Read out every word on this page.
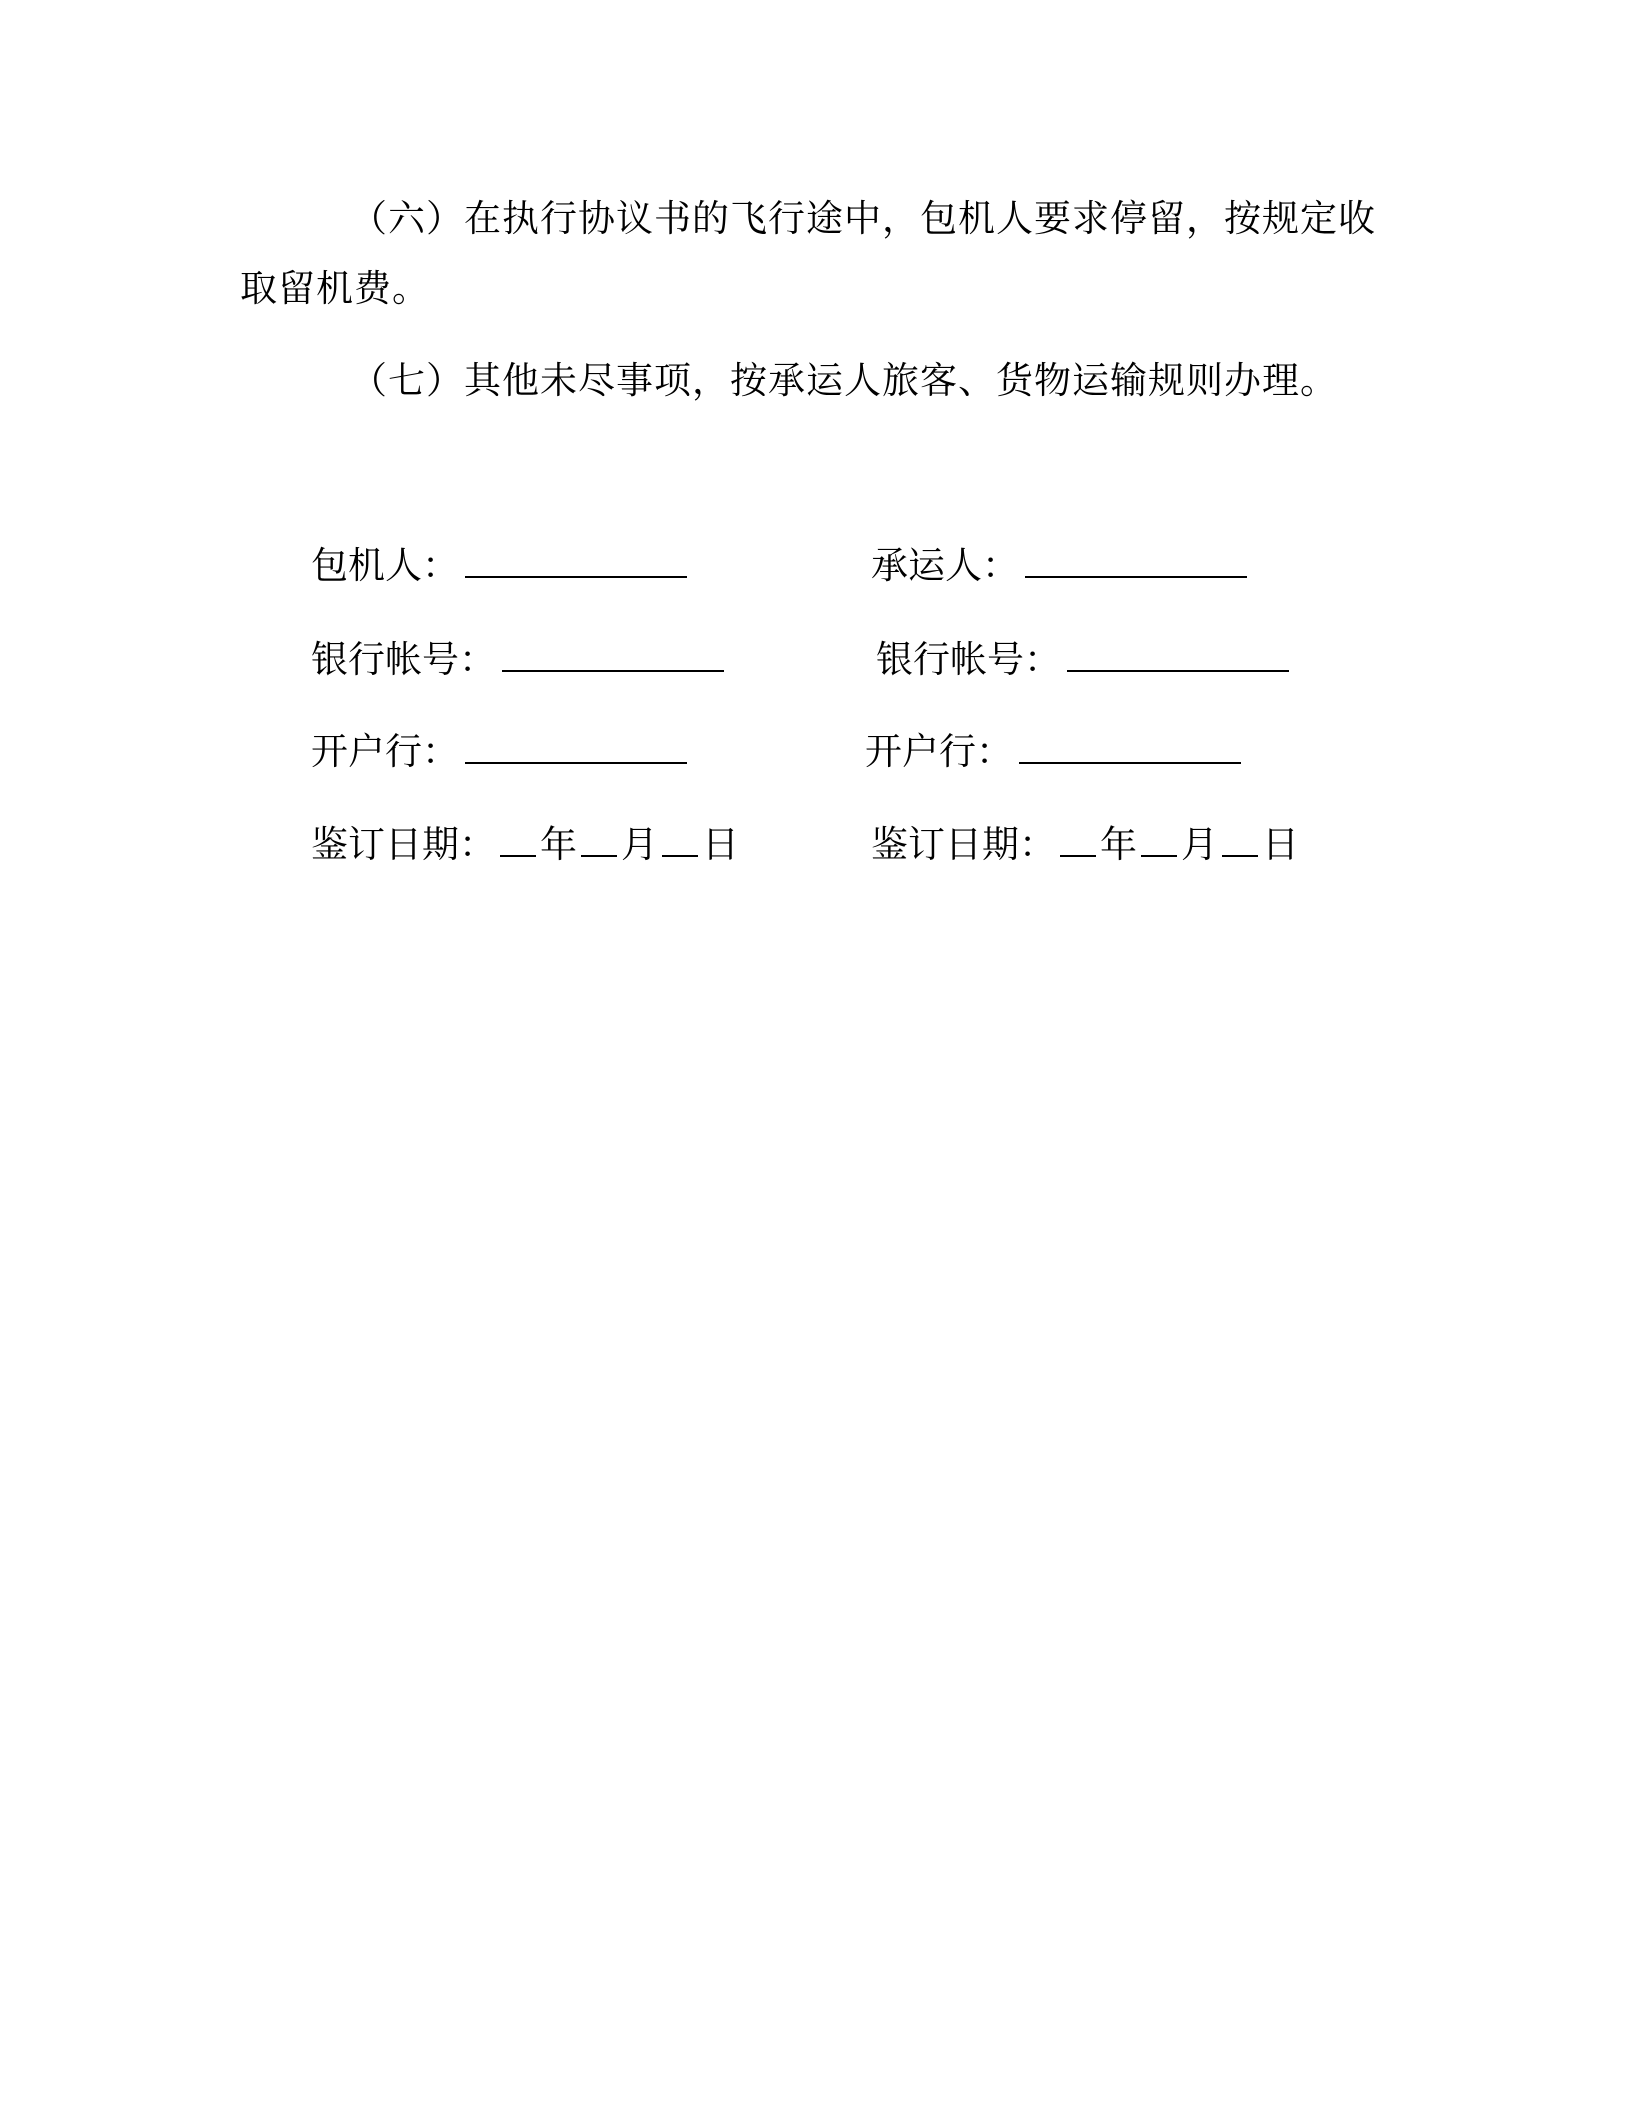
（六）在执行协议书的飞行途中，包机人要求停留，按规定收取留机费。

（七）其他未尽事项，按承运人旅客、货物运输规则办理。

包机人：
银行帐号：
开户行：
鉴订日期： 年 月 日
承运人：
银行帐号：
开户行：
鉴订日期： 年 月 日
